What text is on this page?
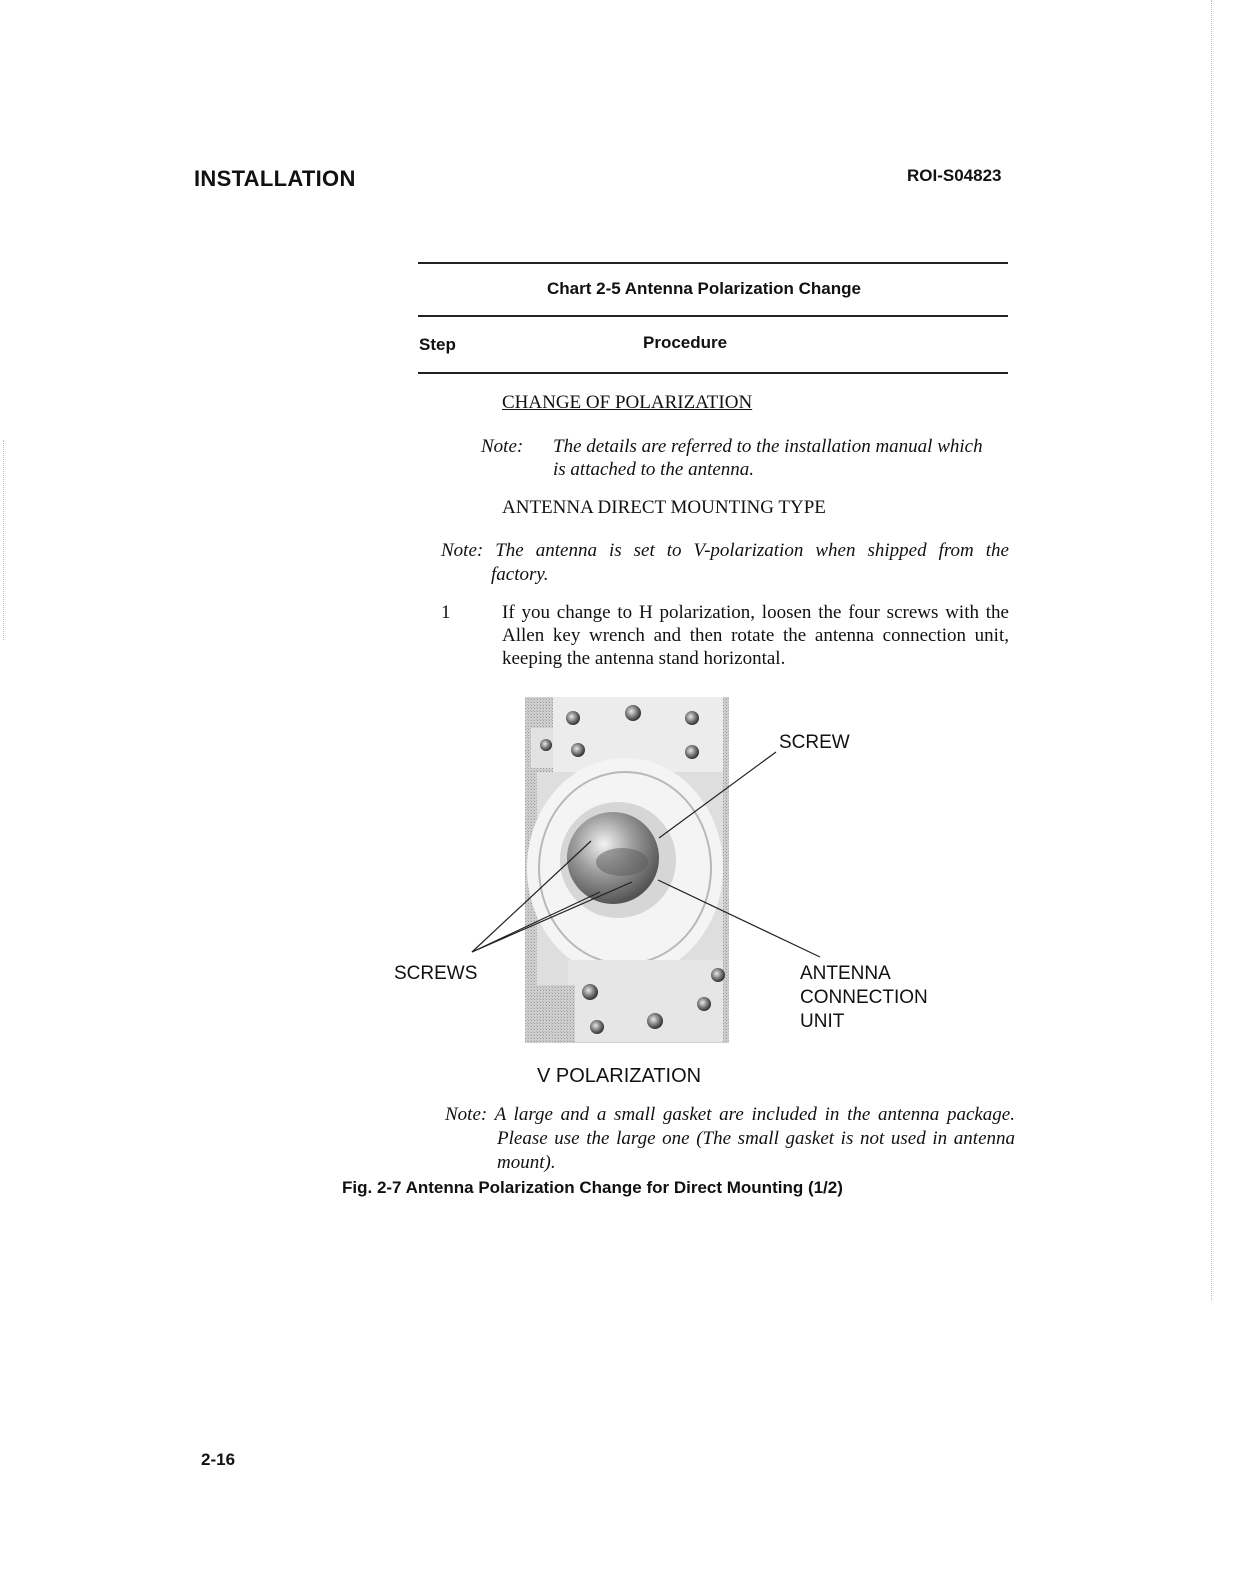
INSTALLATION	ROI-S04823
Chart 2-5 Antenna Polarization Change
Step	Procedure
CHANGE OF POLARIZATION
Note: The details are referred to the installation manual which
is attached to the antenna.
ANTENNA DIRECT MOUNTING TYPE
Note: The antenna is set to V-polarization when shipped from the
factory.
1	If you change to H polarization, loosen the four screws with the
Allen key wrench and then rotate the antenna connection unit,
keeping the antenna stand horizontal.
SCREW
SCREWS	ANTENNA
CONNECTION
UNIT
V POLARIZATION
Note: A large and a small gasket are included in the antenna package.
Please use the large one (The small gasket is not used in antenna
mount).
Fig. 2-7 Antenna Polarization Change for Direct Mounting (1/2)
2-16
